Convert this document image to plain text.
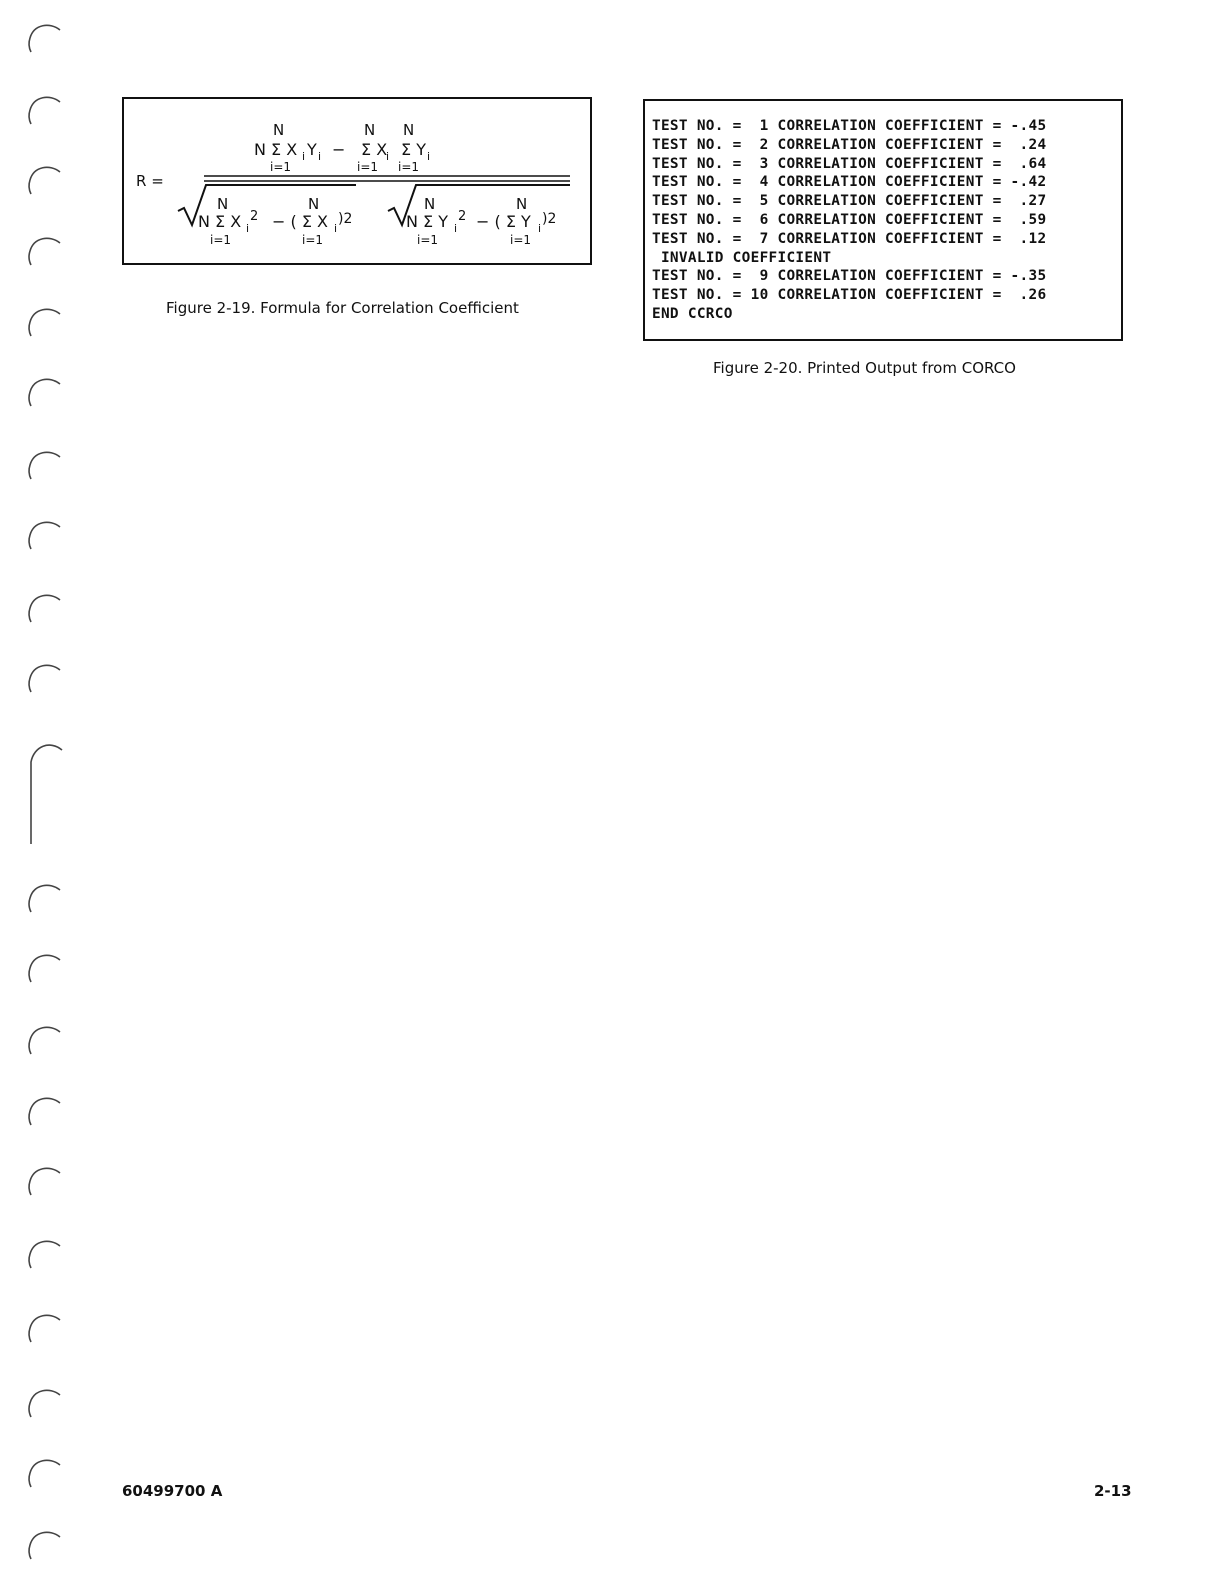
N	N N
N Σ X i Y i − Σ X
i Σ Y i
i=1	i=1 i=1
R =
N	N
N Σ X i
2 − ( Σ X i
)2
i=1	i=1
N	N
N Σ Y i
2 − ( Σ Y i
)2
i=1	i=1
Figure 2-19. Formula for Correlation Coefficient
TEST NO. =  1 CORRELATION COEFFICIENT = -.45
TEST NO. =  2 CORRELATION COEFFICIENT =  .24
TEST NO. =  3 CORRELATION COEFFICIENT =  .64
TEST NO. =  4 CORRELATION COEFFICIENT = -.42
TEST NO. =  5 CORRELATION COEFFICIENT =  .27
TEST NO. =  6 CORRELATION COEFFICIENT =  .59
TEST NO. =  7 CORRELATION COEFFICIENT =  .12
INVALID COEFFICIENT
TEST NO. =  9 CORRELATION COEFFICIENT = -.35
TEST NO. = 10 CORRELATION COEFFICIENT =  .26
END CCRCO
Figure 2-20. Printed Output from CORCO
60499700 A	2-13
